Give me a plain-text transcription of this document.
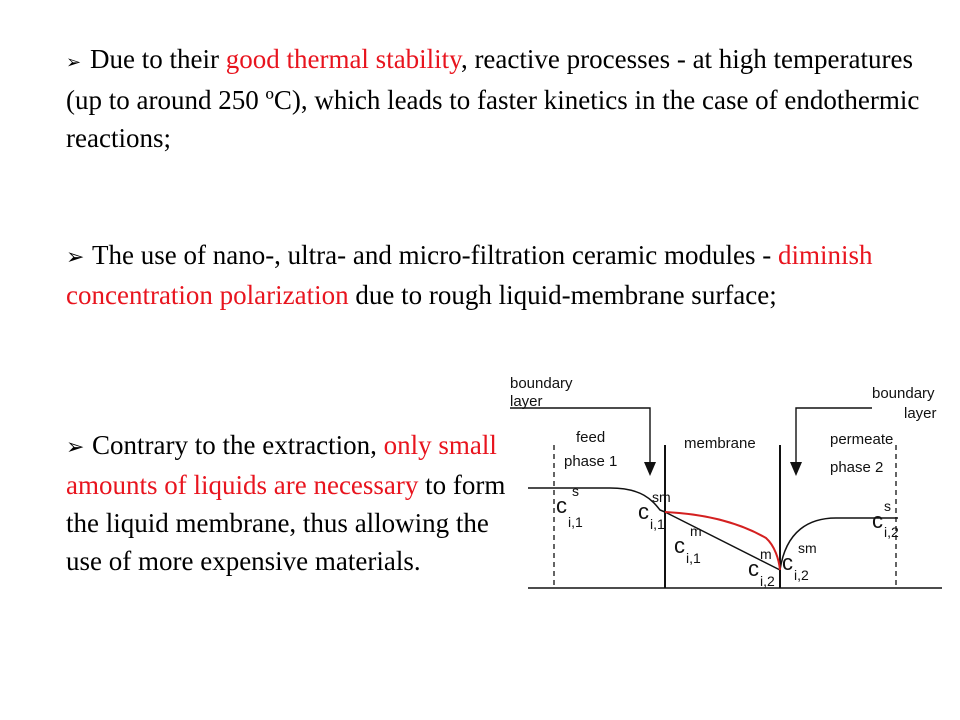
➢ Due to their good thermal stability, reactive processes - at high temperatures (up to around 250 ºC), which leads to faster kinetics in the case of endothermic reactions;
➢ The use of nano-, ultra- and micro-filtration ceramic modules - diminish concentration polarization due to rough liquid-membrane surface;
➢ Contrary to the extraction, only small amounts of liquids are necessary to form the liquid membrane, thus allowing the use of more expensive materials.
boundary
layer	boundary
layer
feed
phase 1
membrane	permeate
phase 2
c
s
i,1	c
sm
i,1
c
m
i,1 c
m
i,2
c
sm
i,2
c
s
i,2
